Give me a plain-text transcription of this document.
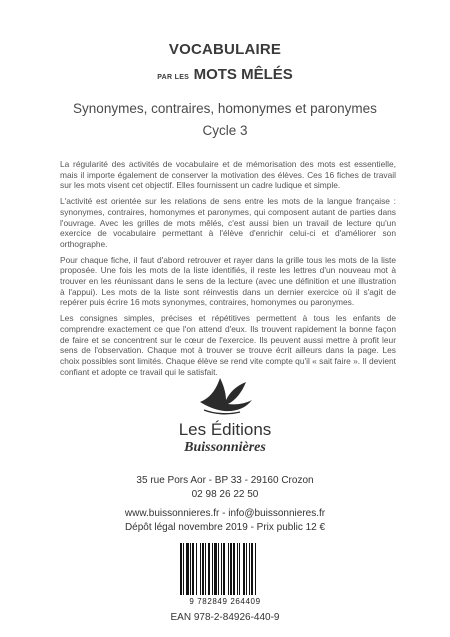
VOCABULAIRE
PAR LES MOTS MÊLÉS
Synonymes, contraires, homonymes et paronymes
Cycle 3

La régularité des activités de vocabulaire et de mémorisation des mots est essentielle, mais il importe également de conserver la motivation des élèves. Ces 16 fiches de travail sur les mots visent cet objectif. Elles fournissent un cadre ludique et simple.

L'activité est orientée sur les relations de sens entre les mots de la langue française : synonymes, contraires, homonymes et paronymes, qui composent autant de parties dans l'ouvrage. Avec les grilles de mots mêlés, c'est aussi bien un travail de lecture qu'un exercice de vocabulaire permettant à l'élève d'enrichir celui-ci et d'améliorer son orthographe.

Pour chaque fiche, il faut d'abord retrouver et rayer dans la grille tous les mots de la liste proposée. Une fois les mots de la liste identifiés, il reste les lettres d'un nouveau mot à trouver en les réunissant dans le sens de la lecture (avec une définition et une illustration à l'appui). Les mots de la liste sont réinvestis dans un dernier exercice où il s'agit de repérer puis écrire 16 mots synonymes, contraires, homonymes ou paronymes.

Les consignes simples, précises et répétitives permettent à tous les enfants de comprendre exactement ce que l'on attend d'eux. Ils trouvent rapidement la bonne façon de faire et se concentrent sur le cœur de l'exercice. Ils peuvent aussi mettre à profit leur sens de l'observation. Chaque mot à trouver se trouve écrit ailleurs dans la page. Les choix possibles sont limités. Chaque élève se rend vite compte qu'il « sait faire ». Il devient confiant et adopte ce travail qui le satisfait.

Les Éditions
Buissonnières
35 rue Pors Aor - BP 33 - 29160 Crozon
02 98 26 22 50
www.buissonnieres.fr - info@buissonnieres.fr
Dépôt légal novembre 2019 - Prix public 12 €
9 782849 264409
EAN 978-2-84926-440-9
